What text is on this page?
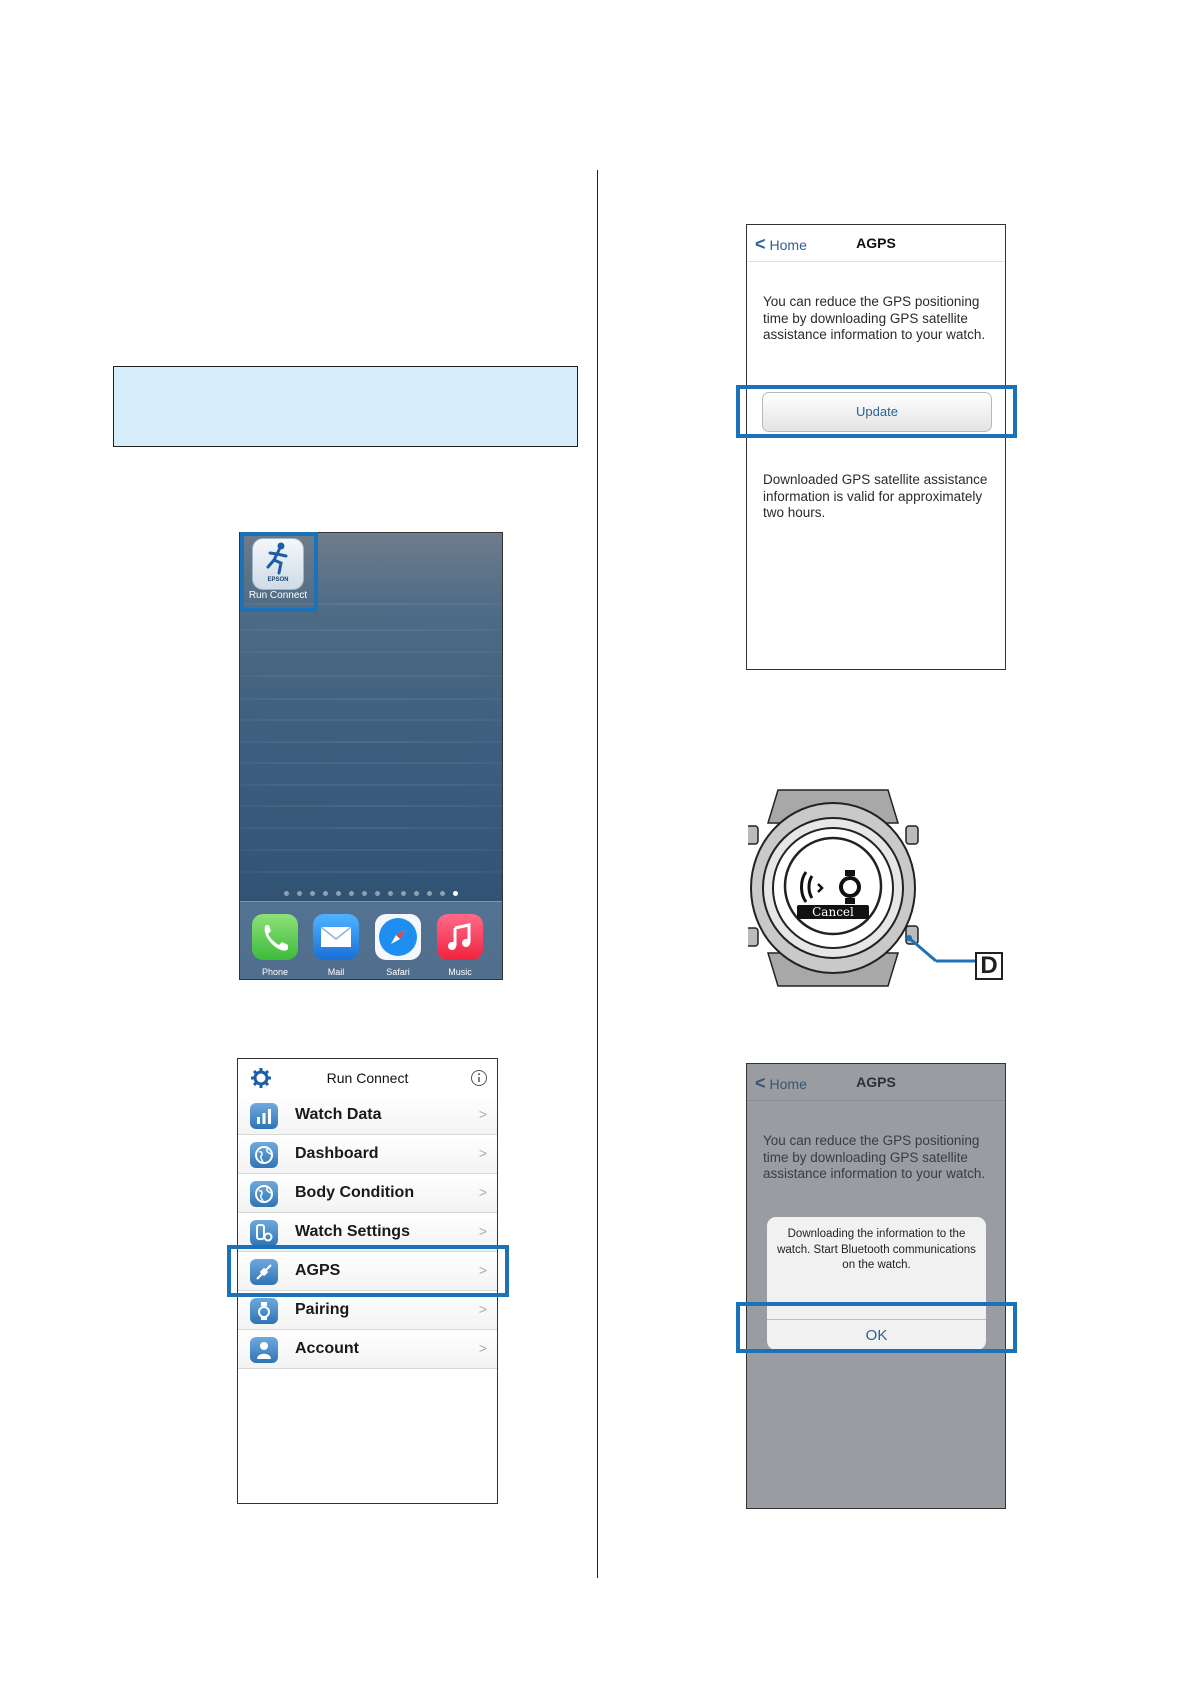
EPSON
Run Connect

Phone	Mail	Safari	Music
Run Connect
Watch Data	>
Dashboard	>
Body Condition	>
Watch Settings	>
AGPS	>
Pairing	>
Account	>
< Home	AGPS
You can reduce the GPS positioning time by downloading GPS satellite assistance information to your watch.
Update
Downloaded GPS satellite assistance information is valid for approximately two hours.
Cancel
D
Downloading the information to the watch. Start Bluetooth communications on the watch.
OK
